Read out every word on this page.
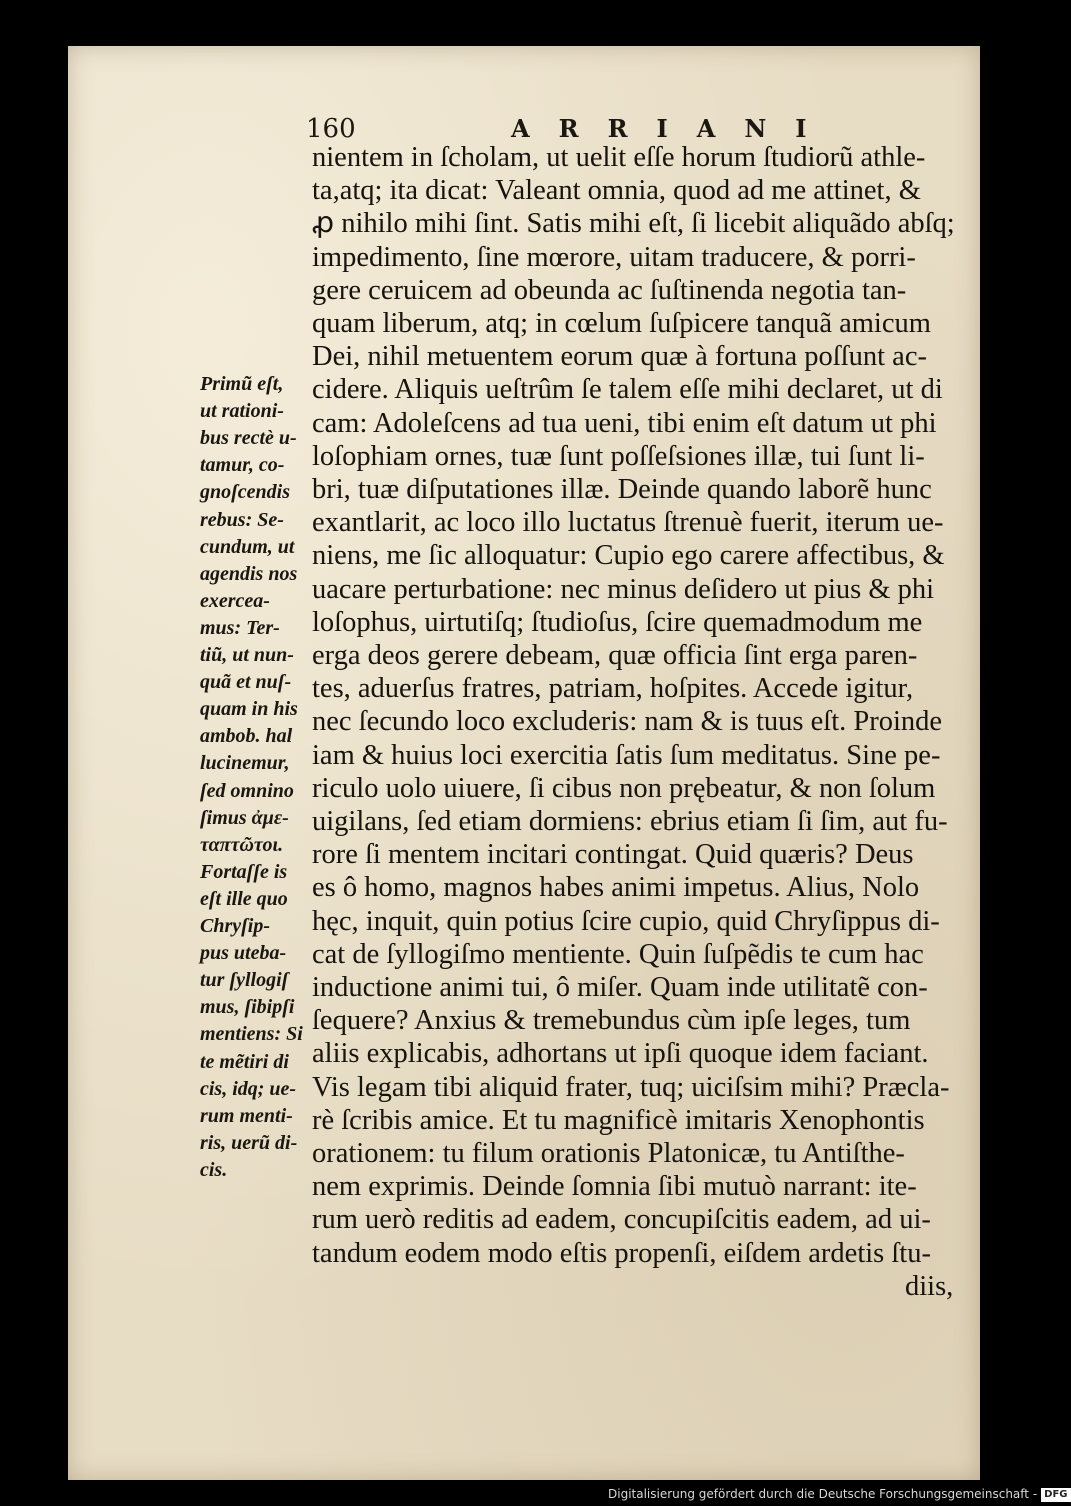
160	ARRIANI
nientem in ſcholam, ut uelit eſſe horum ſtudiorũ athle-
ta,atq; ita dicat: Valeant omnia, quod ad me attinet, &
ꝓ nihilo mihi ſint. Satis mihi eſt, ſi licebit aliquãdo abſq;
impedimento, ſine mœrore, uitam traducere, & porri-
gere ceruicem ad obeunda ac ſuſtinenda negotia tan-
quam liberum, atq; in cœlum ſuſpicere tanquã amicum
Dei, nihil metuentem eorum quæ à fortuna poſſunt ac-
cidere. Aliquis ueſtrûm ſe talem eſſe mihi declaret, ut di
cam: Adoleſcens ad tua ueni, tibi enim eſt datum ut phi
loſophiam ornes, tuæ ſunt poſſeſsiones illæ, tui ſunt li-
bri, tuæ diſputationes illæ. Deinde quando laborẽ hunc
exantlarit, ac loco illo luctatus ſtrenuè fuerit, iterum ue-
niens, me ſic alloquatur: Cupio ego carere affectibus, &
uacare perturbatione: nec minus deſidero ut pius & phi
loſophus, uirtutiſq; ſtudioſus, ſcire quemadmodum me
erga deos gerere debeam, quæ officia ſint erga paren-
tes, aduerſus fratres, patriam, hoſpites. Accede igitur,
nec ſecundo loco excluderis: nam & is tuus eſt. Proinde
iam & huius loci exercitia ſatis ſum meditatus. Sine pe-
riculo uolo uiuere, ſi cibus non prębeatur, & non ſolum
uigilans, ſed etiam dormiens: ebrius etiam ſi ſim, aut fu-
rore ſi mentem incitari contingat. Quid quæris? Deus
es ô homo, magnos habes animi impetus. Alius, Nolo
hęc, inquit, quin potius ſcire cupio, quid Chryſippus di-
cat de ſyllogiſmo mentiente. Quin ſuſpẽdis te cum hac
inductione animi tui, ô miſer. Quam inde utilitatẽ con-
ſequere? Anxius & tremebundus cùm ipſe leges, tum
aliis explicabis, adhortans ut ipſi quoque idem faciant.
Vis legam tibi aliquid frater, tuq; uiciſsim mihi? Præcla-
rè ſcribis amice. Et tu magnificè imitaris Xenophontis
orationem: tu filum orationis Platonicæ, tu Antiſthe-
nem exprimis. Deinde ſomnia ſibi mutuò narrant: ite-
rum uerò reditis ad eadem, concupiſcitis eadem, ad ui-
tandum eodem modo eſtis propenſi, eiſdem ardetis ſtu-
diis,
Primũ eſt,
ut rationi-
bus rectè u-
tamur, co-
gnoſcendis
rebus: Se-
cundum, ut
agendis nos
exercea-
mus: Ter-
tiũ, ut nun-
quã et nuſ-
quam in his
ambob. hal
lucinemur,
ſed omnino
ſimus ἀμε-
ταπτῶτοι.
Fortaſſe is
eſt ille quo
Chryſip-
pus uteba-
tur ſyllogiſ
mus, ſibipſi
mentiens: Si
te mẽtiri di
cis, idq; ue-
rum menti-
ris, uerũ di-
cis.
Digitalisierung gefördert durch die Deutsche Forschungsgemeinschaft - DFG
